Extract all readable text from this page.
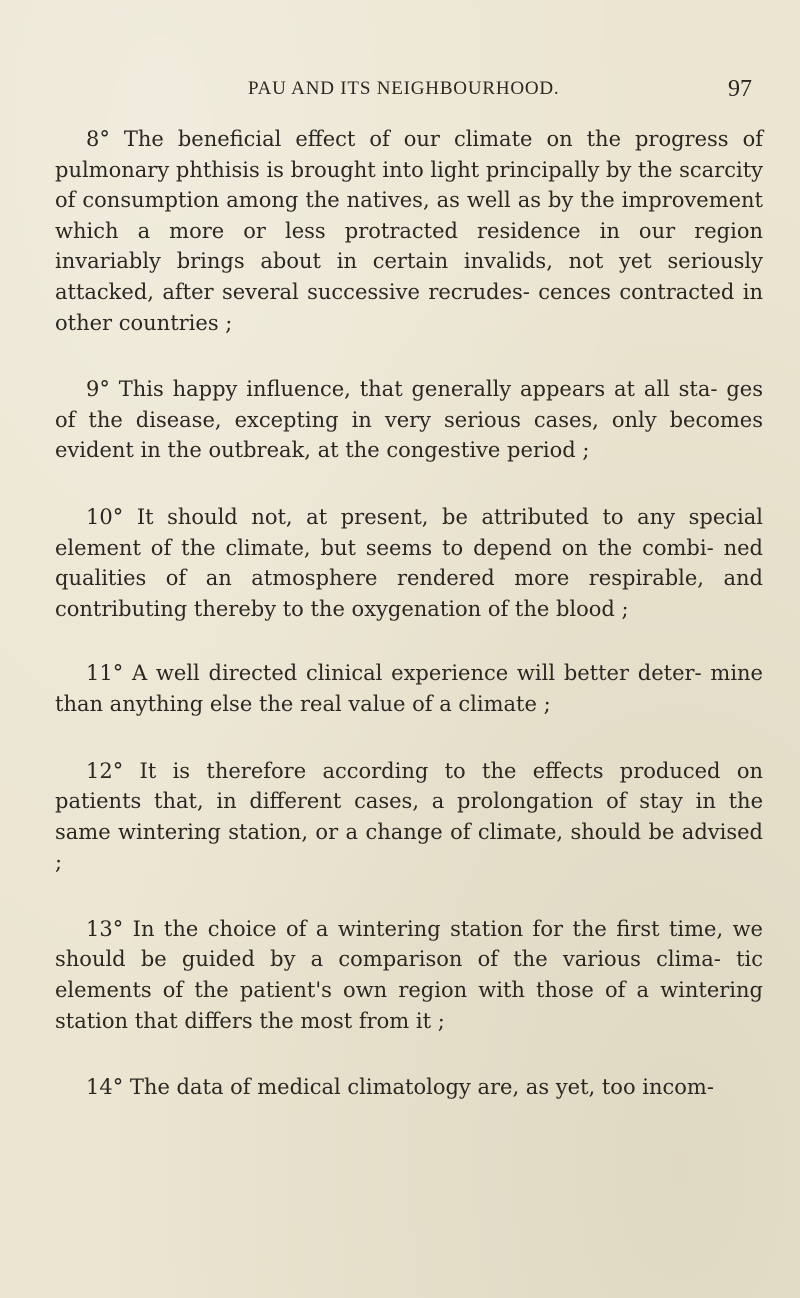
PAU AND ITS NEIGHBOURHOOD.	97

8° The beneficial effect of our climate on the progress of pulmonary phthisis is brought into light principally by the scarcity of consumption among the natives, as well as by the improvement which a more or less protracted residence in our region invariably brings about in certain invalids, not yet seriously attacked, after several successive recrudes- cences contracted in other countries ;

9° This happy influence, that generally appears at all sta- ges of the disease, excepting in very serious cases, only becomes evident in the outbreak, at the congestive period ;

10° It should not, at present, be attributed to any special element of the climate, but seems to depend on the combi- ned qualities of an atmosphere rendered more respirable, and contributing thereby to the oxygenation of the blood ;

11° A well directed clinical experience will better deter- mine than anything else the real value of a climate ;

12° It is therefore according to the effects produced on patients that, in different cases, a prolongation of stay in the same wintering station, or a change of climate, should be advised ;

13° In the choice of a wintering station for the first time, we should be guided by a comparison of the various clima- tic elements of the patient's own region with those of a wintering station that differs the most from it ;

14° The data of medical climatology are, as yet, too incom-
